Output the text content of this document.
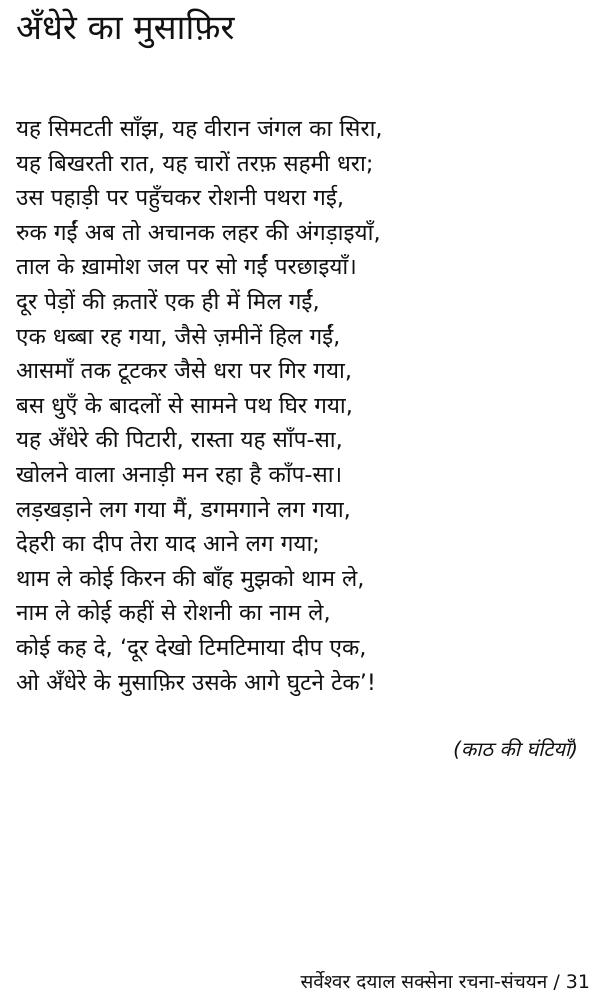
अँधेरे का मुसाफ़िर
यह सिमटती साँझ, यह वीरान जंगल का सिरा,
यह बिखरती रात, यह चारों तरफ़ सहमी धरा;
उस पहाड़ी पर पहुँचकर रोशनी पथरा गई,
रुक गईं अब तो अचानक लहर की अंगड़ाइयाँ,
ताल के ख़ामोश जल पर सो गईं परछाइयाँ।
दूर पेड़ों की क़तारें एक ही में मिल गईं,
एक धब्बा रह गया, जैसे ज़मीनें हिल गईं,
आसमाँ तक टूटकर जैसे धरा पर गिर गया,
बस धुएँ के बादलों से सामने पथ घिर गया,
यह अँधेरे की पिटारी, रास्ता यह साँप-सा,
खोलने वाला अनाड़ी मन रहा है काँप-सा।
लड़खड़ाने लग गया मैं, डगमगाने लग गया,
देहरी का दीप तेरा याद आने लग गया;
थाम ले कोई किरन की बाँह मुझको थाम ले,
नाम ले कोई कहीं से रोशनी का नाम ले,
कोई कह दे, ‘दूर देखो टिमटिमाया दीप एक,
ओ अँधेरे के मुसाफ़िर उसके आगे घुटने टेक’!
(काठ की घंटियाँ)
सर्वेश्वर दयाल सक्सेना रचना-संचयन / 31
